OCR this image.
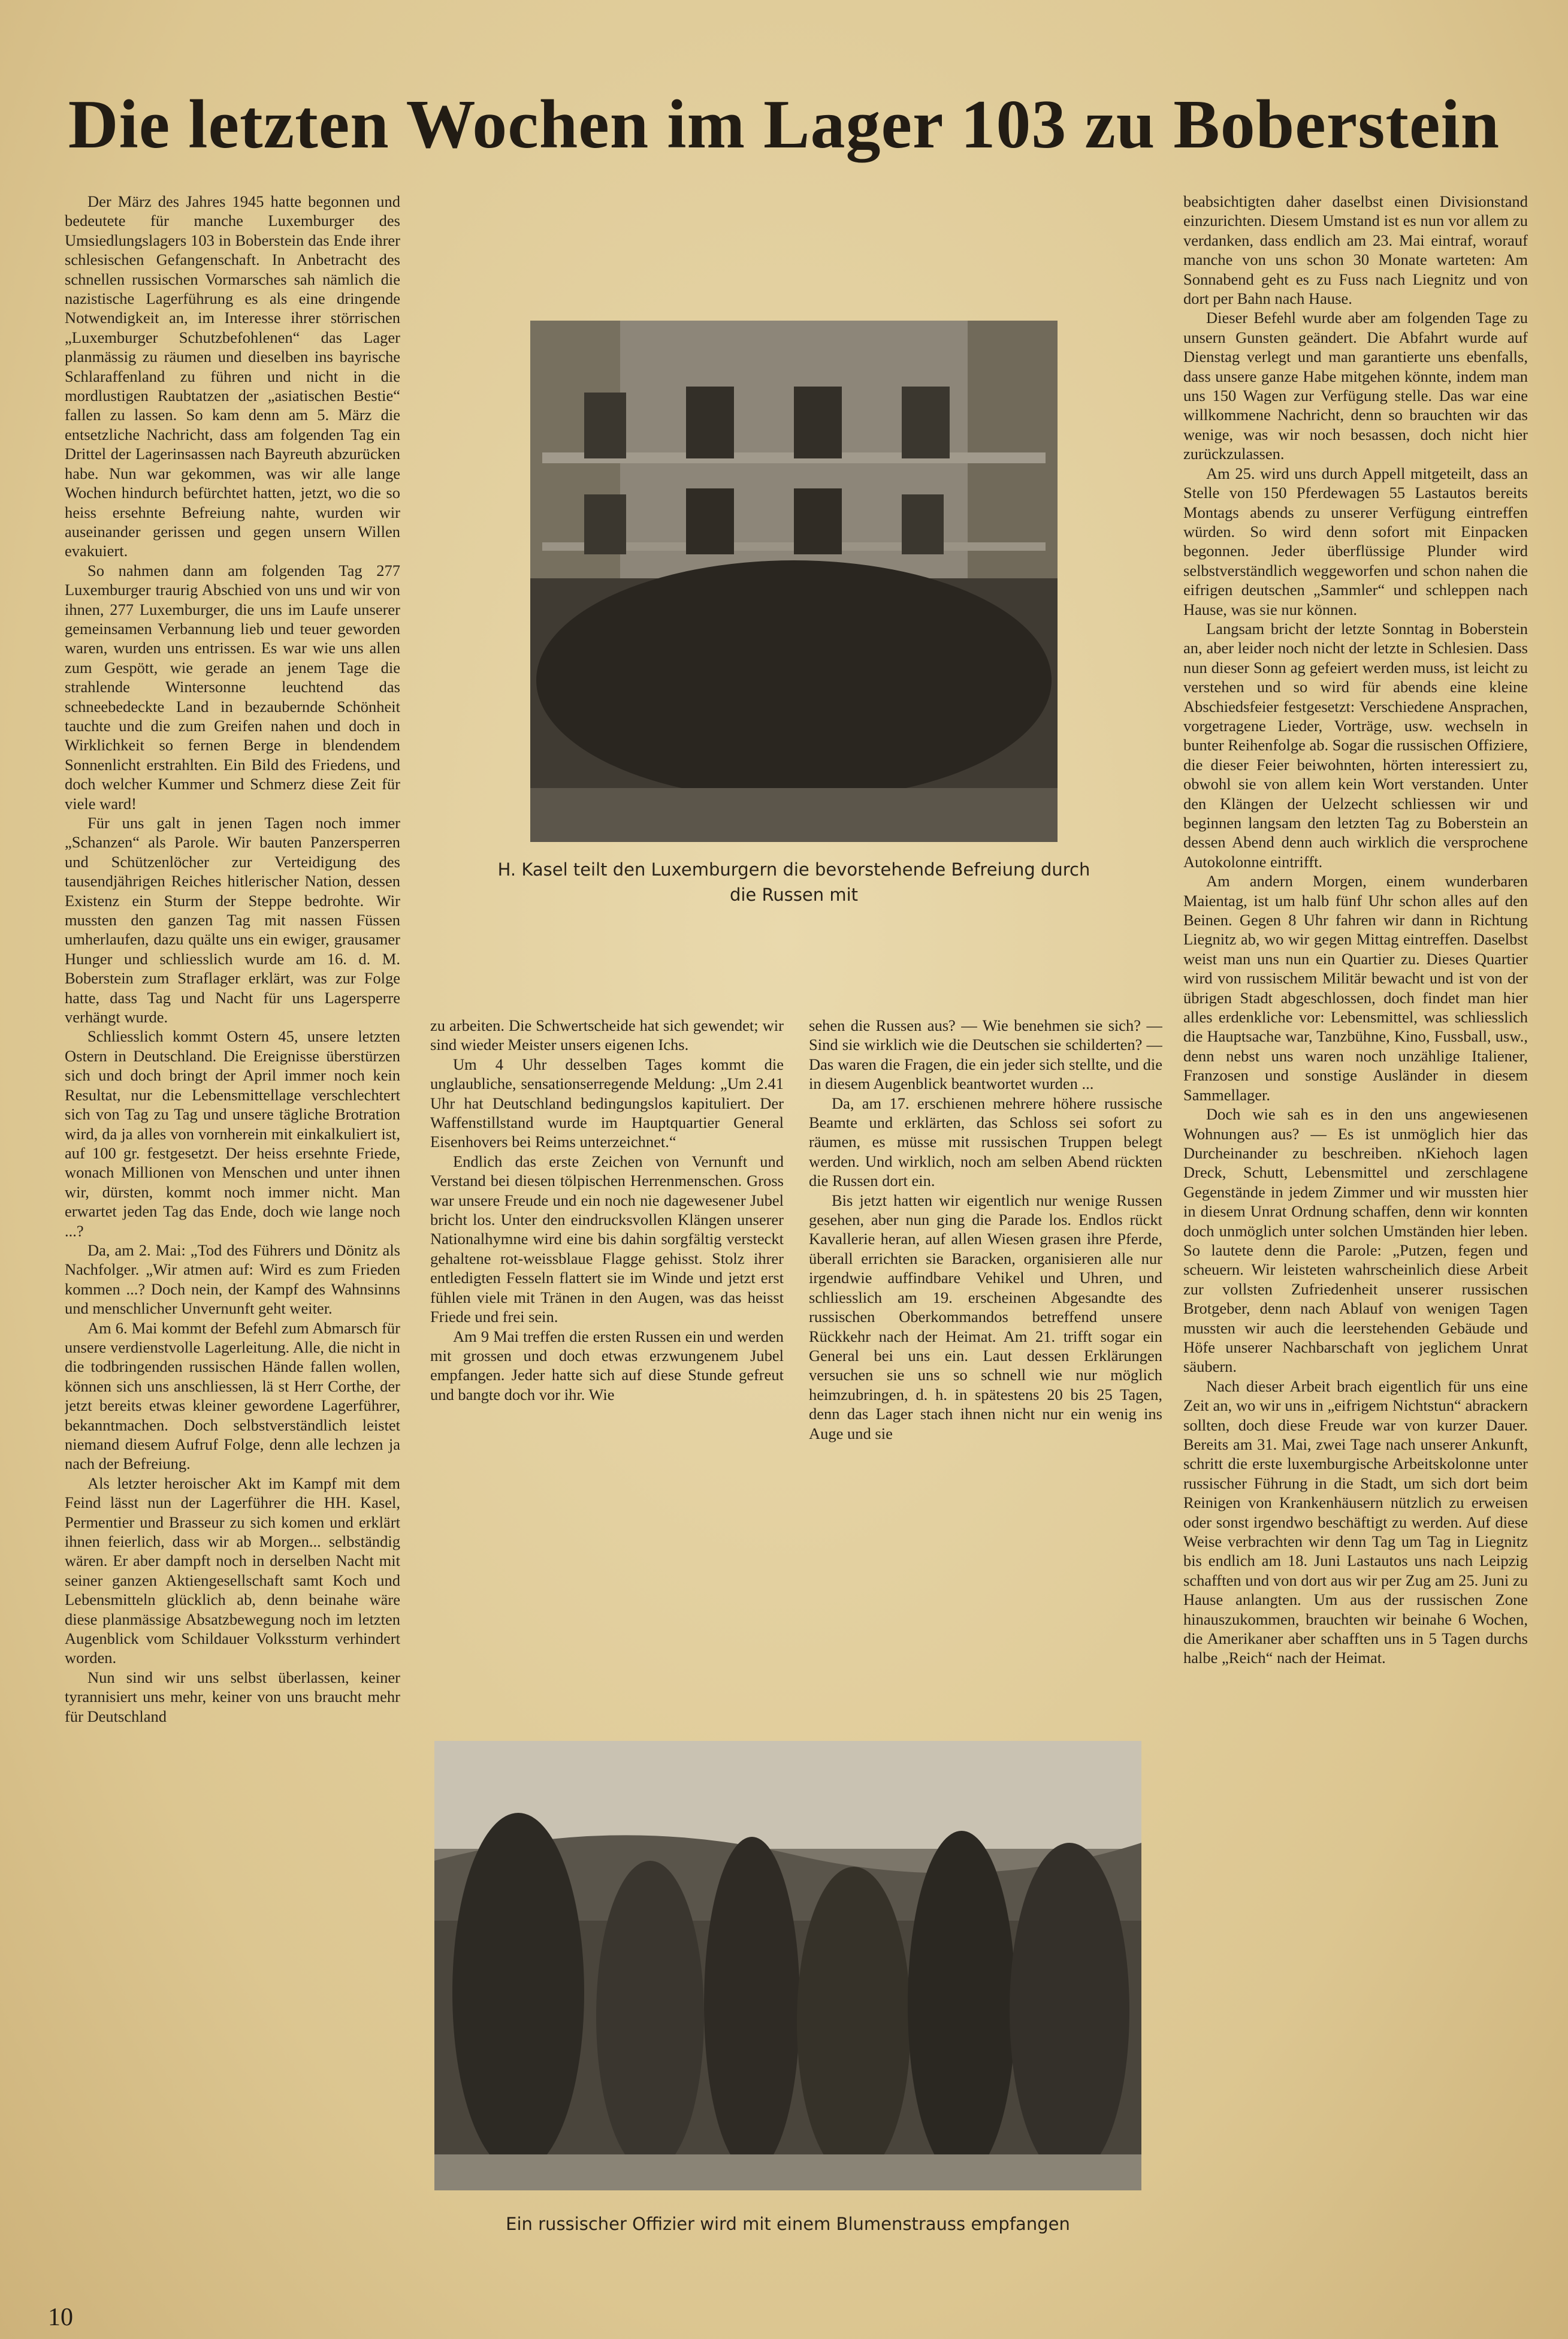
Die letzten Wochen im Lager 103 zu Boberstein

Der März des Jahres 1945 hatte begonnen und bedeutete für manche Luxemburger des Umsiedlungslagers 103 in Boberstein das Ende ihrer schlesischen Gefangenschaft. In Anbetracht des schnellen russischen Vormarsches sah nämlich die nazistische Lagerführung es als eine dringende Notwendigkeit an, im Interesse ihrer störrischen „Luxemburger Schutzbefohlenen“ das Lager planmässig zu räumen und dieselben ins bayrische Schlaraffenland zu führen und nicht in die mordlustigen Raubtatzen der „asiatischen Bestie“ fallen zu lassen. So kam denn am 5. März die entsetzliche Nachricht, dass am folgenden Tag ein Drittel der Lagerinsassen nach Bayreuth abzurücken habe. Nun war gekommen, was wir alle lange Wochen hindurch befürchtet hatten, jetzt, wo die so heiss ersehnte Befreiung nahte, wurden wir auseinander gerissen und gegen unsern Willen evakuiert.

So nahmen dann am folgenden Tag 277 Luxemburger traurig Abschied von uns und wir von ihnen, 277 Luxemburger, die uns im Laufe unserer gemeinsamen Verbannung lieb und teuer geworden waren, wurden uns entrissen. Es war wie uns allen zum Gespött, wie gerade an jenem Tage die strahlende Wintersonne leuchtend das schneebedeckte Land in bezaubernde Schönheit tauchte und die zum Greifen nahen und doch in Wirklichkeit so fernen Berge in blendendem Sonnenlicht erstrahlten. Ein Bild des Friedens, und doch welcher Kummer und Schmerz diese Zeit für viele ward!

Für uns galt in jenen Tagen noch immer „Schanzen“ als Parole. Wir bauten Panzersperren und Schützenlöcher zur Verteidigung des tausendjährigen Reiches hitlerischer Nation, dessen Existenz ein Sturm der Steppe bedrohte. Wir mussten den ganzen Tag mit nassen Füssen umherlaufen, dazu quälte uns ein ewiger, grausamer Hunger und schliesslich wurde am 16. d. M. Boberstein zum Straflager erklärt, was zur Folge hatte, dass Tag und Nacht für uns Lagersperre verhängt wurde.

Schliesslich kommt Ostern 45, unsere letzten Ostern in Deutschland. Die Ereignisse überstürzen sich und doch bringt der April immer noch kein Resultat, nur die Lebensmittellage verschlechtert sich von Tag zu Tag und unsere tägliche Brotration wird, da ja alles von vornherein mit einkalkuliert ist, auf 100 gr. festgesetzt. Der heiss ersehnte Friede, wonach Millionen von Menschen und unter ihnen wir, dürsten, kommt noch immer nicht. Man erwartet jeden Tag das Ende, doch wie lange noch ...?

Da, am 2. Mai: „Tod des Führers und Dönitz als Nachfolger. „Wir atmen auf: Wird es zum Frieden kommen ...? Doch nein, der Kampf des Wahnsinns und menschlicher Unvernunft geht weiter.

Am 6. Mai kommt der Befehl zum Abmarsch für unsere verdienstvolle Lagerleitung. Alle, die nicht in die todbringenden russischen Hände fallen wollen, können sich uns anschliessen, lä st Herr Corthe, der jetzt bereits etwas kleiner gewordene Lagerführer, bekanntmachen. Doch selbstverständlich leistet niemand diesem Aufruf Folge, denn alle lechzen ja nach der Befreiung.

Als letzter heroischer Akt im Kampf mit dem Feind lässt nun der Lagerführer die HH. Kasel, Permentier und Brasseur zu sich komen und erklärt ihnen feierlich, dass wir ab Morgen... selbständig wären. Er aber dampft noch in derselben Nacht mit seiner ganzen Aktiengesellschaft samt Koch und Lebensmitteln glücklich ab, denn beinahe wäre diese planmässige Absatzbewegung noch im letzten Augenblick vom Schildauer Volkssturm verhindert worden.

Nun sind wir uns selbst überlassen, keiner tyrannisiert uns mehr, keiner von uns braucht mehr für Deutschland

H. Kasel teilt den Luxemburgern die bevorstehende Befreiung durch die Russen mit

zu arbeiten. Die Schwertscheide hat sich gewendet; wir sind wieder Meister unsers eigenen Ichs.

Um 4 Uhr desselben Tages kommt die unglaubliche, sensationserregende Meldung: „Um 2.41 Uhr hat Deutschland bedingungslos kapituliert. Der Waffenstillstand wurde im Hauptquartier General Eisenhovers bei Reims unterzeichnet.“

Endlich das erste Zeichen von Vernunft und Verstand bei diesen tölpischen Herrenmenschen. Gross war unsere Freude und ein noch nie dagewesener Jubel bricht los. Unter den eindrucksvollen Klängen unserer Nationalhymne wird eine bis dahin sorgfältig versteckt gehaltene rot-weissblaue Flagge gehisst. Stolz ihrer entledigten Fesseln flattert sie im Winde und jetzt erst fühlen viele mit Tränen in den Augen, was das heisst Friede und frei sein.

Am 9 Mai treffen die ersten Russen ein und werden mit grossen und doch etwas erzwungenem Jubel empfangen. Jeder hatte sich auf diese Stunde gefreut und bangte doch vor ihr. Wie

sehen die Russen aus? — Wie benehmen sie sich? — Sind sie wirklich wie die Deutschen sie schilderten? — Das waren die Fragen, die ein jeder sich stellte, und die in diesem Augenblick beantwortet wurden ...

Da, am 17. erschienen mehrere höhere russische Beamte und erklärten, das Schloss sei sofort zu räumen, es müsse mit russischen Truppen belegt werden. Und wirklich, noch am selben Abend rückten die Russen dort ein.

Bis jetzt hatten wir eigentlich nur wenige Russen gesehen, aber nun ging die Parade los. Endlos rückt Kavallerie heran, auf allen Wiesen grasen ihre Pferde, überall errichten sie Baracken, organisieren alle nur irgendwie auffindbare Vehikel und Uhren, und schliesslich am 19. erscheinen Abgesandte des russischen Oberkommandos betreffend unsere Rückkehr nach der Heimat. Am 21. trifft sogar ein General bei uns ein. Laut dessen Erklärungen versuchen sie uns so schnell wie nur möglich heimzubringen, d. h. in spätestens 20 bis 25 Tagen, denn das Lager stach ihnen nicht nur ein wenig ins Auge und sie

beabsichtigten daher daselbst einen Divisionstand einzurichten. Diesem Umstand ist es nun vor allem zu verdanken, dass endlich am 23. Mai eintraf, worauf manche von uns schon 30 Monate warteten: Am Sonnabend geht es zu Fuss nach Liegnitz und von dort per Bahn nach Hause.

Dieser Befehl wurde aber am folgenden Tage zu unsern Gunsten geändert. Die Abfahrt wurde auf Dienstag verlegt und man garantierte uns ebenfalls, dass unsere ganze Habe mitgehen könnte, indem man uns 150 Wagen zur Verfügung stelle. Das war eine willkommene Nachricht, denn so brauchten wir das wenige, was wir noch besassen, doch nicht hier zurückzulassen.

Am 25. wird uns durch Appell mitgeteilt, dass an Stelle von 150 Pferdewagen 55 Lastautos bereits Montags abends zu unserer Verfügung eintreffen würden. So wird denn sofort mit Einpacken begonnen. Jeder überflüssige Plunder wird selbstverständlich weggeworfen und schon nahen die eifrigen deutschen „Sammler“ und schleppen nach Hause, was sie nur können.

Langsam bricht der letzte Sonntag in Boberstein an, aber leider noch nicht der letzte in Schlesien. Dass nun dieser Sonn ag gefeiert werden muss, ist leicht zu verstehen und so wird für abends eine kleine Abschiedsfeier festgesetzt: Verschiedene Ansprachen, vorgetragene Lieder, Vorträge, usw. wechseln in bunter Reihenfolge ab. Sogar die russischen Offiziere, die dieser Feier beiwohnten, hörten interessiert zu, obwohl sie von allem kein Wort verstanden. Unter den Klängen der Uelzecht schliessen wir und beginnen langsam den letzten Tag zu Boberstein an dessen Abend denn auch wirklich die versprochene Autokolonne eintrifft.

Am andern Morgen, einem wunderbaren Maientag, ist um halb fünf Uhr schon alles auf den Beinen. Gegen 8 Uhr fahren wir dann in Richtung Liegnitz ab, wo wir gegen Mittag eintreffen. Daselbst weist man uns nun ein Quartier zu. Dieses Quartier wird von russischem Militär bewacht und ist von der übrigen Stadt abgeschlossen, doch findet man hier alles erdenkliche vor: Lebensmittel, was schliesslich die Hauptsache war, Tanzbühne, Kino, Fussball, usw., denn nebst uns waren noch unzählige Italiener, Franzosen und sonstige Ausländer in diesem Sammellager.

Doch wie sah es in den uns angewiesenen Wohnungen aus? — Es ist unmöglich hier das Durcheinander zu beschreiben. nKiehoch lagen Dreck, Schutt, Lebensmittel und zerschlagene Gegenstände in jedem Zimmer und wir mussten hier in diesem Unrat Ordnung schaffen, denn wir konnten doch unmöglich unter solchen Umständen hier leben. So lautete denn die Parole: „Putzen, fegen und scheuern. Wir leisteten wahrscheinlich diese Arbeit zur vollsten Zufriedenheit unserer russischen Brotgeber, denn nach Ablauf von wenigen Tagen mussten wir auch die leerstehenden Gebäude und Höfe unserer Nachbarschaft von jeglichem Unrat säubern.

Nach dieser Arbeit brach eigentlich für uns eine Zeit an, wo wir uns in „eifrigem Nichtstun“ abrackern sollten, doch diese Freude war von kurzer Dauer. Bereits am 31. Mai, zwei Tage nach unserer Ankunft, schritt die erste luxemburgische Arbeitskolonne unter russischer Führung in die Stadt, um sich dort beim Reinigen von Krankenhäusern nützlich zu erweisen oder sonst irgendwo beschäftigt zu werden. Auf diese Weise verbrachten wir denn Tag um Tag in Liegnitz bis endlich am 18. Juni Lastautos uns nach Leipzig schafften und von dort aus wir per Zug am 25. Juni zu Hause anlangten. Um aus der russischen Zone hinauszukommen, brauchten wir beinahe 6 Wochen, die Amerikaner aber schafften uns in 5 Tagen durchs halbe „Reich“ nach der Heimat.

Ein russischer Offizier wird mit einem Blumenstrauss empfangen
10
